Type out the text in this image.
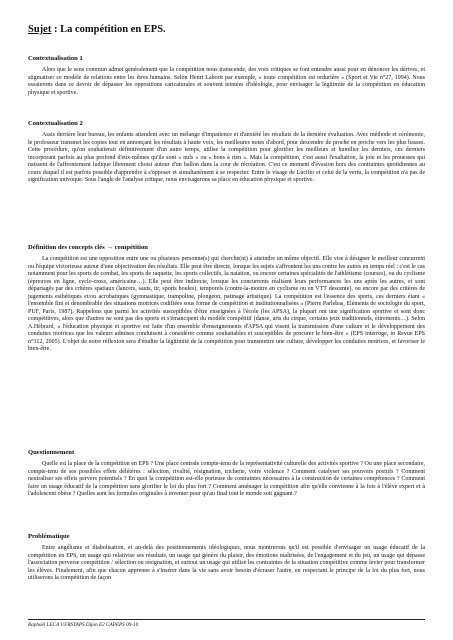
Sujet : La compétition en EPS.
Contextualisation 1

Alors que le sens commun admet généralement que la compétition nous transcende, des voix critiques se font entendre aussi pour en dénoncer les dérives, et stigmatiser ce modèle de relations entre les êtres humains. Selon Henri Laborit par exemple, « toute compétition est ordurière » (Sport et Vie n°27, 1994). Nous essaierons dans ce devoir de dépasser les oppositions caricaturales et souvent teintées d'idéologie, pour envisager la légitimité de la compétition en éducation physique et sportive.

Contextualisation 2

Assis derrière leur bureau, les enfants attendent avec un mélange d'impatience et d'anxiété les résultats de la dernière évaluation. Avec méthode et cérémonie, le professeur transmet les copies tout en annonçant les résultats à haute voix, les meilleures notes d'abord, pour descendre de proche en proche vers les plus basses. Cette procédure, qu'on souhaiterait définitivement d'un autre temps, utilise la compétition pour glorifier les meilleurs et humilier les derniers, ces derniers incorporant parfois au plus profond d'eux-mêmes qu'ils sont « nuls » ou « bons à rien ». Mais la compétition, c'est aussi l'exaltation, la joie et les prouesses qui naissent de l'affrontement ludique librement choisi autour d'un ballon dans la cour de récréation. C'est ce moment d'évasion hors des contraintes quotidiennes au cours duquel il est parfois possible d'apprendre à s'opposer et simultanément à se respecter. Entre le visage de Lucifer et celui de la vertu, la compétition n'a pas de signification univoque. Sous l'angle de l'analyse critique, nous envisagerons sa place en éducation physique et sportive.

Définition des concepts clés → compétition

La compétition est une opposition entre une ou plusieurs personne(s) qui cherche(nt) à atteindre un même objectif. Elle vise à désigner le meilleur concurrent ou l'équipe victorieuse autour d'une objectivation des résultats. Elle peut être directe, lorsque les sujets s'affrontent les uns contre les autres en temps réel : c'est le cas notamment pour les sports de combat, les sports de raquette, les sports collectifs, la natation, ou encore certaines spécialités de l'athlétisme (courses), ou du cyclisme (épreuves en ligne, cyclo-cross, américaine…). Elle peut être indirecte, lorsque les concurrents réalisent leurs performances les uns après les autres, et sont départagés par des critères spatiaux (lancers, sauts, tir, sports boules), temporels (contre-la-montre en cyclisme ou en VTT descente), ou encore par des critères de jugements esthétiques et/ou acrobatiques (gymnastique, trampoline, plongeon, patinage artistique). La compétition est l'essence des sports, ces derniers étant « l'ensemble fini et dénombrable des situations motrices codifiées sous forme de compétition et institutionnalisées » (Pierre Parlebas, Eléments de sociologie du sport, PUF, Paris, 1987). Rappelons que parmi les activités susceptibles d'être enseignées à l'école (les APSA), la plupart ont une signification sportive et sont donc compétitives, alors que d'autres ne sont pas des sports et s'émancipent du modèle compétitif (danse, arts du cirque, certains jeux traditionnels, étirements…). Selon A.Hébrard, « l'éducation physique et sportive est faite d'un ensemble d'enseignements d'APSA qui visent la transmission d'une culture et le développement des conduites motrices que les valeurs admises conduisent à considérer comme souhaitables et susceptibles de procurer le bien-être » (EPS interroge, in Revue EPS n°312, 2005). L'objet de notre réflexion sera d'étudier la légitimité de la compétition pour transmettre une culture, développer les conduites motrices, et favoriser le bien-être.

Questionnement

Quelle est la place de la compétition en EPS ? Une place centrale compte-tenu de la représentativité culturelle des activités sportive ? Ou une place secondaire, compte-tenu de ses possibles effets délétères : sélection, rivalité, résignation, tricherie, voire violence ? Comment catalyser ses pouvoirs positifs ? Comment neutraliser ses effets pervers potentiels ? En quoi la compétition est-elle porteuse de contraintes nécessaires à la construction de certaines compétences ? Comment faire un usage éducatif de la compétition sans glorifier le loi du plus fort ? Comment aménager la compétition afin qu'elle convienne à la fois à l'élève expert et à l'adolescent obèse ? Quelles sont les formules originales à inventer pour qu'au final tout le monde soit gagnant ?

Problématique

Entre angélisme et diabolisation, et au-delà des positionnements idéologiques, nous montrerons qu'il est possible d'envisager un usage éducatif de la compétition en EPS, un usage qui relativise ses résultats, un usage qui génère du plaisir, des émotions maîtrisées, de l'engagement et du jeu, un usage qui dépasse l'association perverse compétition / sélection ou résignation, et surtout un usage qui utilise les contraintes de la situation compétitive comme levier pour transformer les élèves. Finalement, afin que chacun apprenne à s'insérer dans la vie sans avoir besoin d'écraser l'autre, en respectant le principe de la loi du plus fort, nous utiliserons la compétition de façon

Raphaël LECA UFRSTAPS Dijon E2 CAPEPS 09-10
